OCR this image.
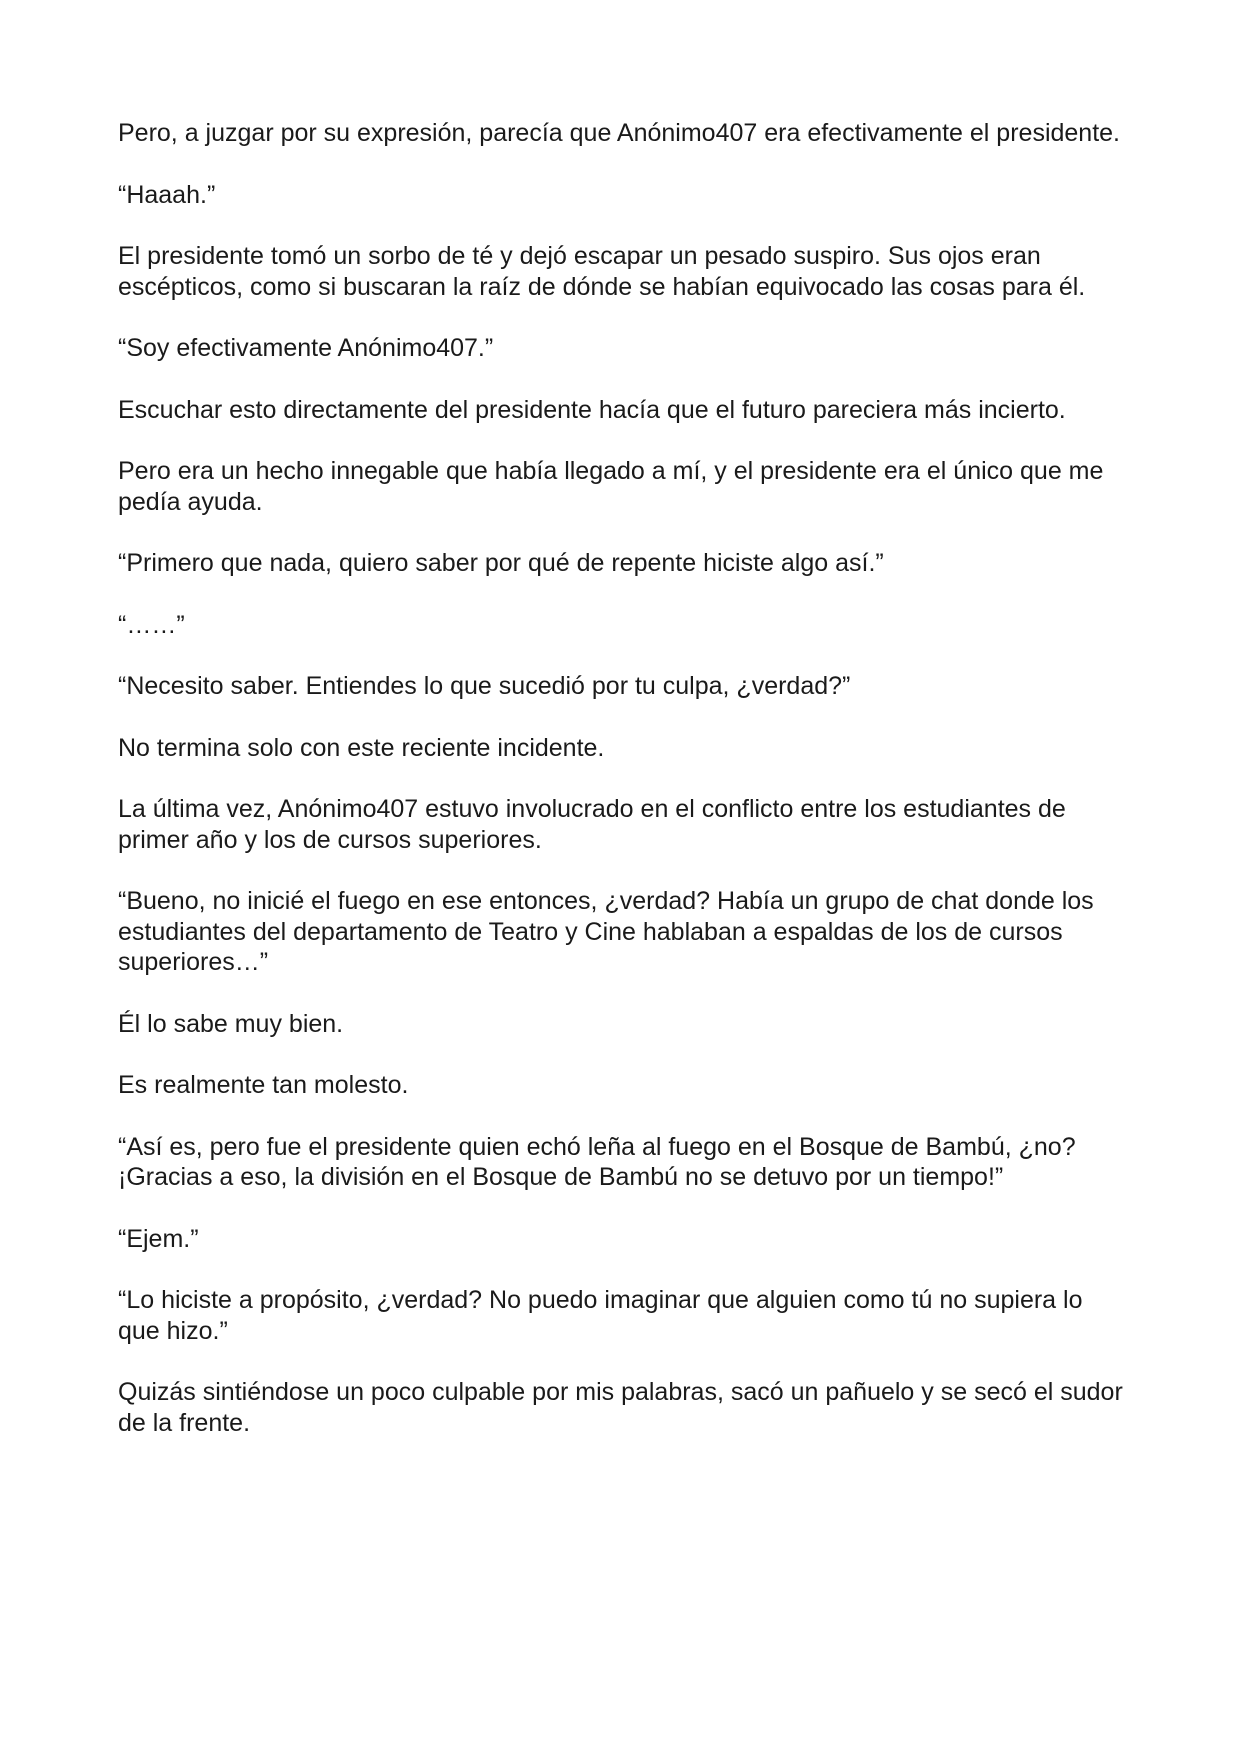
Pero, a juzgar por su expresión, parecía que Anónimo407 era efectivamente el presidente.

“Haaah.”

El presidente tomó un sorbo de té y dejó escapar un pesado suspiro. Sus ojos eran escépticos, como si buscaran la raíz de dónde se habían equivocado las cosas para él.

“Soy efectivamente Anónimo407.”

Escuchar esto directamente del presidente hacía que el futuro pareciera más incierto.

Pero era un hecho innegable que había llegado a mí, y el presidente era el único que me pedía ayuda.

“Primero que nada, quiero saber por qué de repente hiciste algo así.”

“……”

“Necesito saber. Entiendes lo que sucedió por tu culpa, ¿verdad?”

No termina solo con este reciente incidente.

La última vez, Anónimo407 estuvo involucrado en el conflicto entre los estudiantes de primer año y los de cursos superiores.

“Bueno, no inicié el fuego en ese entonces, ¿verdad? Había un grupo de chat donde los estudiantes del departamento de Teatro y Cine hablaban a espaldas de los de cursos superiores…”

Él lo sabe muy bien.

Es realmente tan molesto.

“Así es, pero fue el presidente quien echó leña al fuego en el Bosque de Bambú, ¿no? ¡Gracias a eso, la división en el Bosque de Bambú no se detuvo por un tiempo!”

“Ejem.”

“Lo hiciste a propósito, ¿verdad? No puedo imaginar que alguien como tú no supiera lo que hizo.”

Quizás sintiéndose un poco culpable por mis palabras, sacó un pañuelo y se secó el sudor de la frente.
